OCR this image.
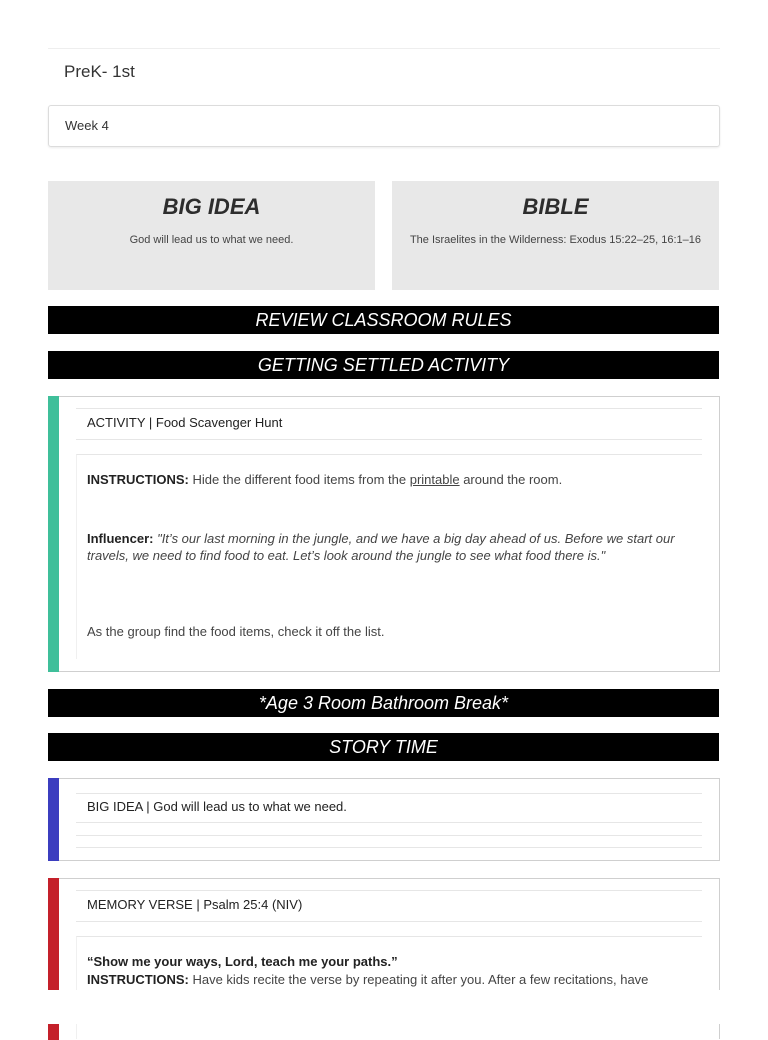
PreK- 1st
Week 4
BIG IDEA
God will lead us to what we need.
BIBLE
The Israelites in the Wilderness: Exodus 15:22–25, 16:1–16
REVIEW CLASSROOM RULES
GETTING SETTLED ACTIVITY
ACTIVITY | Food Scavenger Hunt
INSTRUCTIONS: Hide the different food items from the printable around the room.
Influencer: "It’s our last morning in the jungle, and we have a big day ahead of us. Before we start our travels, we need to find food to eat. Let’s look around the jungle to see what food there is."
As the group find the food items, check it off the list.
*Age 3 Room Bathroom Break*
STORY TIME
BIG IDEA | God will lead us to what we need.
MEMORY VERSE | Psalm 25:4 (NIV)
“Show me your ways, Lord, teach me your paths.”
INSTRUCTIONS: Have kids recite the verse by repeating it after you. After a few recitations, have
